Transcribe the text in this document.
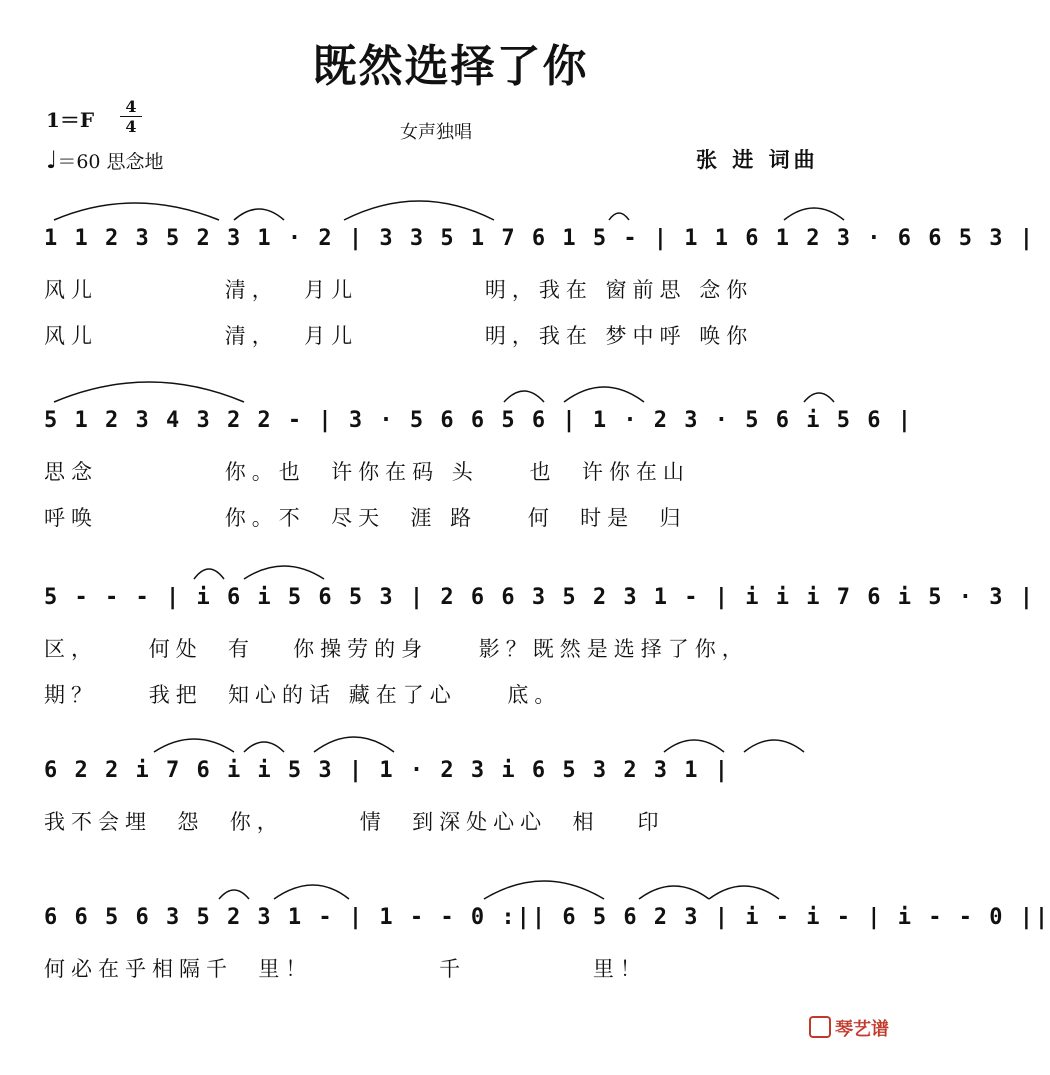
既然选择了你
1＝F
4
4	女声独唱
♩＝60 思念地	张 进 词曲
1 1 2 3 5 2 3 1 · 2 | 3 3 5 1 7 6 1 5 - | 1 1 6 1 2 3 · 6 6 5 3 |
风儿          清，  月儿          明，我在 窗前思 念你
风儿          清，  月儿          明，我在 梦中呼 唤你
5 1 2 3 4 3 2 2 - | 3 · 5 6 6 5 6 | 1 · 2 3 · 5 6 i 5 6 |
思念          你。也  许你在码 头    也  许你在山
呼唤          你。不  尽天  涯 路    何  时是  归
5 - - - | i 6 i 5 6 5 3 | 2 6 6 3 5 2 3 1 - | i i i 7 6 i 5 · 3 |
区，    何处  有   你操劳的身    影？既然是选择了你，
期？    我把  知心的话 藏在了心    底。
6 2 2 i 7 6 i i 5 3 | 1 · 2 3 i 6 5 3 2 3 1 |
我不会埋  怨  你，      情  到深处心心  相   印
6 6 5 6 3 5 2 3 1 - | 1 - - 0 :|| 6 5 6 2 3 | i - i - | i - - 0 ||
何必在乎相隔千  里！          千          里！
琴艺谱
